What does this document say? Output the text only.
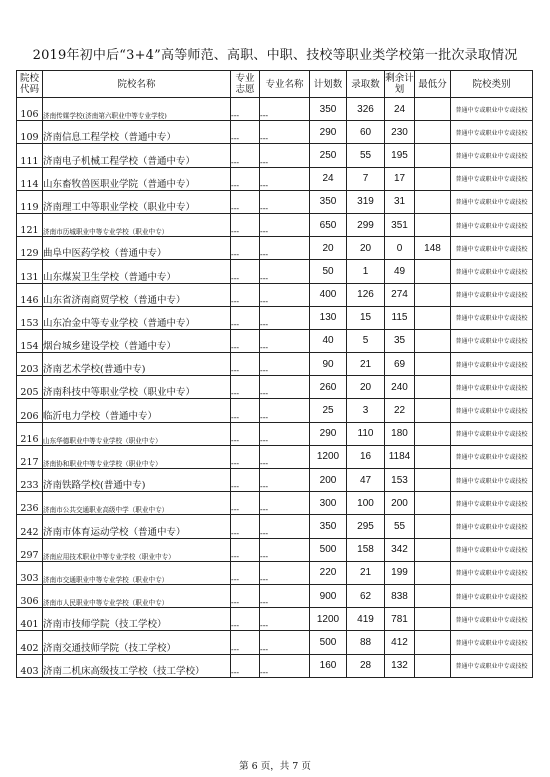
2019年初中后“3+4”高等师范、高职、中职、技校等职业类学校第一批次录取情况
院校代码	院校名称	专业志愿	专业名称	计划数	录取数	剩余计划	最低分	院校类别
106	济南传媒学校(济南第六职业中等专业学校)	---	---	350	326	24		普通中专或职业中专或技校
109	济南信息工程学校（普通中专）	---	---	290	60	230		普通中专或职业中专或技校
111	济南电子机械工程学校（普通中专）	---	---	250	55	195		普通中专或职业中专或技校
114	山东畜牧兽医职业学院（普通中专）	---	---	24	7	17		普通中专或职业中专或技校
119	济南理工中等职业学校（职业中专）	---	---	350	319	31		普通中专或职业中专或技校
121	济南市历城职业中等专业学校（职业中专）	---	---	650	299	351		普通中专或职业中专或技校
129	曲阜中医药学校（普通中专）	---	---	20	20	0	148	普通中专或职业中专或技校
131	山东煤炭卫生学校（普通中专）	---	---	50	1	49		普通中专或职业中专或技校
146	山东省济南商贸学校（普通中专）	---	---	400	126	274		普通中专或职业中专或技校
153	山东冶金中等专业学校（普通中专）	---	---	130	15	115		普通中专或职业中专或技校
154	烟台城乡建设学校（普通中专）	---	---	40	5	35		普通中专或职业中专或技校
203	济南艺术学校(普通中专)	---	---	90	21	69		普通中专或职业中专或技校
205	济南科技中等职业学校（职业中专）	---	---	260	20	240		普通中专或职业中专或技校
206	临沂电力学校（普通中专）	---	---	25	3	22		普通中专或职业中专或技校
216	山东华德职业中等专业学校（职业中专）	---	---	290	110	180		普通中专或职业中专或技校
217	济南协和职业中等专业学校（职业中专）	---	---	1200	16	1184		普通中专或职业中专或技校
233	济南铁路学校(普通中专)	---	---	200	47	153		普通中专或职业中专或技校
236	济南市公共交通职业高级中学（职业中专）	---	---	300	100	200		普通中专或职业中专或技校
242	济南市体育运动学校（普通中专）	---	---	350	295	55		普通中专或职业中专或技校
297	济南应用技术职业中等专业学校（职业中专）	---	---	500	158	342		普通中专或职业中专或技校
303	济南市交通职业中等专业学校（职业中专）	---	---	220	21	199		普通中专或职业中专或技校
306	济南市人民职业中等专业学校（职业中专）	---	---	900	62	838		普通中专或职业中专或技校
401	济南市技师学院（技工学校）	---	---	1200	419	781		普通中专或职业中专或技校
402	济南交通技师学院（技工学校）	---	---	500	88	412		普通中专或职业中专或技校
403	济南二机床高级技工学校（技工学校）	---	---	160	28	132		普通中专或职业中专或技校
第 6 页，共 7 页
